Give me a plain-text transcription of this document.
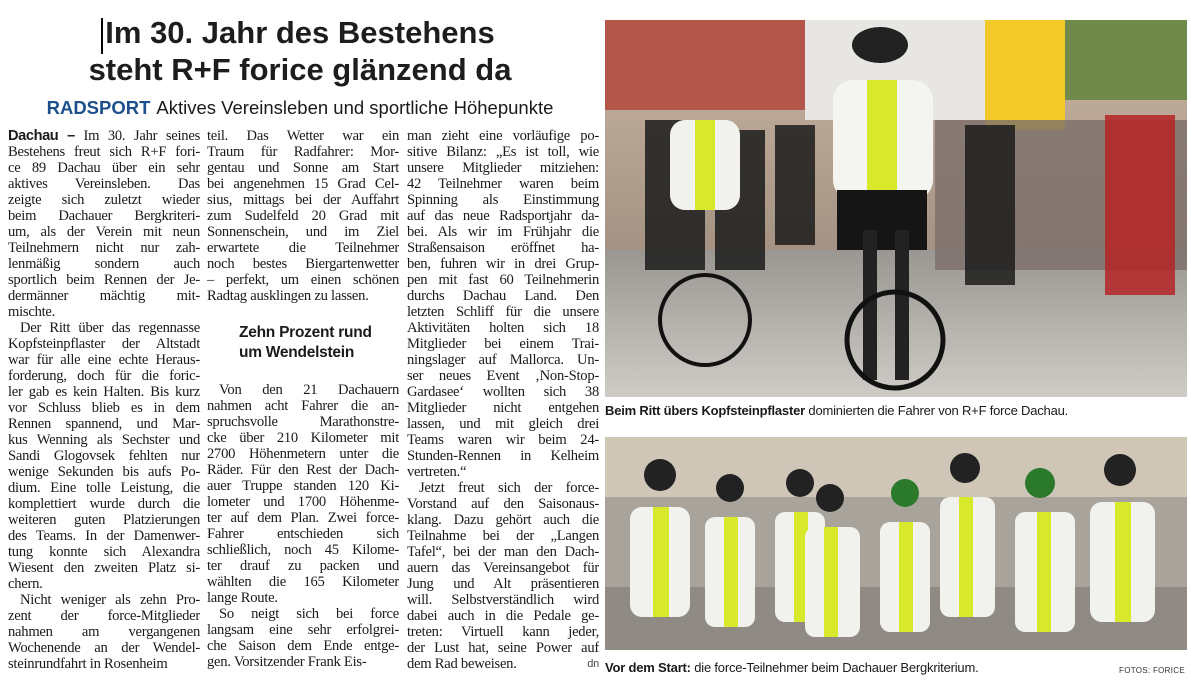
Im 30. Jahr des Bestehens
steht R+F forice glänzend da
RADSPORT Aktives Vereinsleben und sportliche Höhepunkte
Dachau – Im 30. Jahr seines
Bestehens freut sich R+F fori-
ce 89 Dachau über ein sehr
aktives Vereinsleben. Das
zeigte sich zuletzt wieder
beim Dachauer Bergkriteri-
um, als der Verein mit neun
Teilnehmern nicht nur zah-
lenmäßig sondern auch
sportlich beim Rennen der Je-
dermänner mächtig mit-
mischte.
Der Ritt über das regennasse
Kopfsteinpflaster der Altstadt
war für alle eine echte Heraus-
forderung, doch für die foric-
ler gab es kein Halten. Bis kurz
vor Schluss blieb es in dem
Rennen spannend, und Mar-
kus Wenning als Sechster und
Sandi Glogovsek fehlten nur
wenige Sekunden bis aufs Po-
dium. Eine tolle Leistung, die
komplettiert wurde durch die
weiteren guten Platzierungen
des Teams. In der Damenwer-
tung konnte sich Alexandra
Wiesent den zweiten Platz si-
chern.
Nicht weniger als zehn Pro-
zent der force-Mitglieder
nahmen am vergangenen
Wochenende an der Wendel-
steinrundfahrt in Rosenheim
teil. Das Wetter war ein
Traum für Radfahrer: Mor-
gentau und Sonne am Start
bei angenehmen 15 Grad Cel-
sius, mittags bei der Auffahrt
zum Sudelfeld 20 Grad mit
Sonnenschein, und im Ziel
erwartete die Teilnehmer
noch bestes Biergartenwetter
– perfekt, um einen schönen
Radtag ausklingen zu lassen.
Zehn Prozent rund
um Wendelstein
Von den 21 Dachauern
nahmen acht Fahrer die an-
spruchsvolle Marathonstre-
cke über 210 Kilometer mit
2700 Höhenmetern unter die
Räder. Für den Rest der Dach-
auer Truppe standen 120 Ki-
lometer und 1700 Höhenme-
ter auf dem Plan. Zwei force-
Fahrer entschieden sich
schließlich, noch 45 Kilome-
ter drauf zu packen und
wählten die 165 Kilometer
lange Route.
So neigt sich bei force
langsam eine sehr erfolgrei-
che Saison dem Ende entge-
gen. Vorsitzender Frank Eis-
man zieht eine vorläufige po-
sitive Bilanz: „Es ist toll, wie
unsere Mitglieder mitziehen:
42 Teilnehmer waren beim
Spinning als Einstimmung
auf das neue Radsportjahr da-
bei. Als wir im Frühjahr die
Straßensaison eröffnet ha-
ben, fuhren wir in drei Grup-
pen mit fast 60 Teilnehmerin
durchs Dachau Land. Den
letzten Schliff für die unsere
Aktivitäten holten sich 18
Mitglieder bei einem Trai-
ningslager auf Mallorca. Un-
ser neues Event ‚Non-Stop-
Gardasee‘ wollten sich 38
Mitglieder nicht entgehen
lassen, und mit gleich drei
Teams waren wir beim 24-
Stunden-Rennen in Kelheim
vertreten.“
Jetzt freut sich der force-
Vorstand auf den Saisonaus-
klang. Dazu gehört auch die
Teilnahme bei der „Langen
Tafel“, bei der man den Dach-
auern das Vereinsangebot für
Jung und Alt präsentieren
will. Selbstverständlich wird
dabei auch in die Pedale ge-
treten: Virtuell kann jeder,
der Lust hat, seine Power auf
dem Rad beweisen.	dn
Beim Ritt übers Kopfsteinpflaster dominierten die Fahrer von R+F force Dachau.
Vor dem Start: die force-Teilnehmer beim Dachauer Bergkriterium.	FOTOS: FORICE
